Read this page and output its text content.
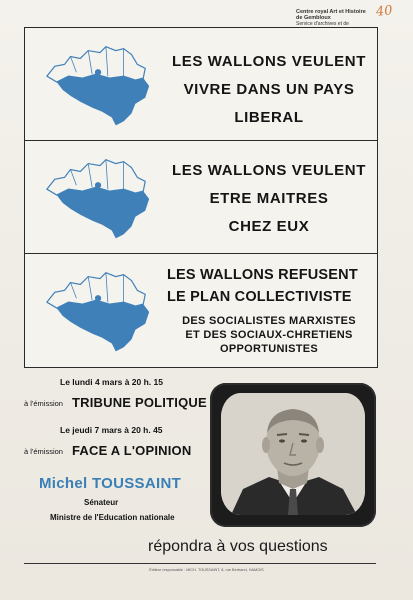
Centre royal Art et Histoire
de Gembloux
Service d'archives et de
40
LES WALLONS VEULENT
VIVRE DANS UN PAYS
LIBERAL
LES WALLONS VEULENT
ETRE MAITRES
CHEZ EUX
LES WALLONS REFUSENT
LE PLAN COLLECTIVISTE
DES SOCIALISTES MARXISTES
ET DES SOCIAUX-CHRETIENS
OPPORTUNISTES
Le lundi 4 mars à 20 h. 15
à l'émission TRIBUNE POLITIQUE
Le jeudi 7 mars à 20 h. 45
à l'émission FACE A L'OPINION
Michel TOUSSAINT
Sénateur
Ministre de l'Education nationale
répondra à vos questions
Éditeur responsable : MICH. TOUSSAINT, 8, rue Bertrand, HAMOIS
